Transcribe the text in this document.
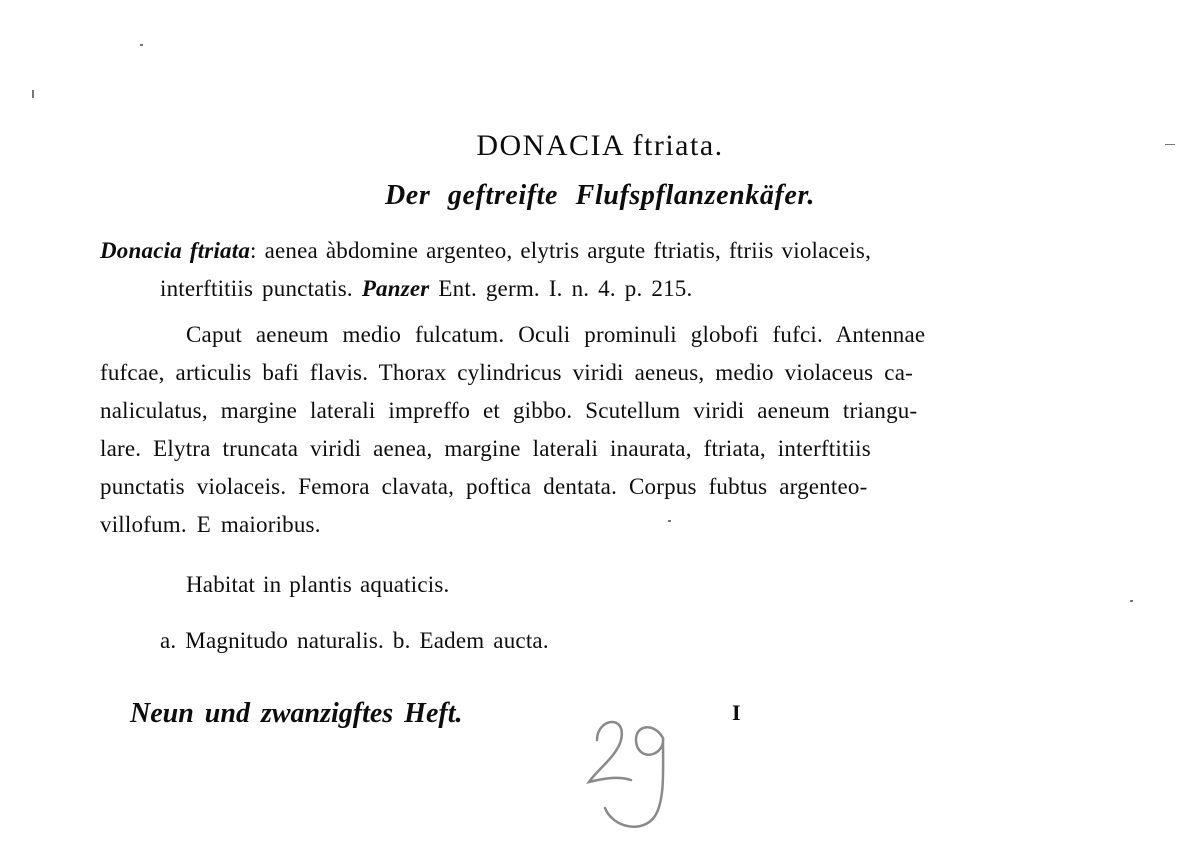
DONACIA ftriata.
Der geftreifte Flufspflanzenkäfer.
Donacia ftriata: aenea àbdomine argenteo, elytris argute ftriatis, ftriis violaceis,
interftitiis punctatis. Panzer Ent. germ. I. n. 4. p. 215.
Caput aeneum medio fulcatum. Oculi prominuli globofi fufci. Antennae
fufcae, articulis bafi flavis. Thorax cylindricus viridi aeneus, medio violaceus ca-
naliculatus, margine laterali impreffo et gibbo. Scutellum viridi aeneum triangu-
lare. Elytra truncata viridi aenea, margine laterali inaurata, ftriata, interftitiis
punctatis violaceis. Femora clavata, poftica dentata. Corpus fubtus argenteo-
villofum. E maioribus.
Habitat in plantis aquaticis.
a. Magnitudo naturalis. b. Eadem aucta.
Neun und zwanzigftes Heft.	I
